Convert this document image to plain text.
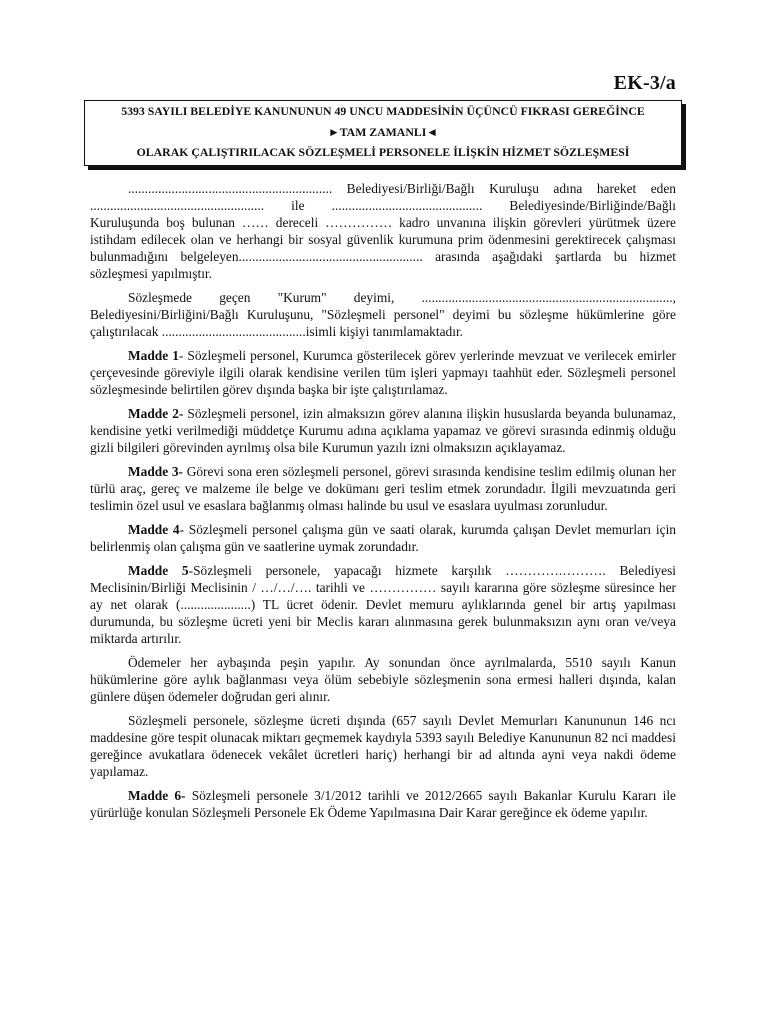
EK-3/a
5393 SAYILI BELEDİYE KANUNUNUN 49 UNCU MADDESİNİN ÜÇÜNCÜ FIKRASI GEREĞİNCE
►TAM ZAMANLI◄
OLARAK ÇALIŞTIRILACAK SÖZLEŞMELİ PERSONELE İLİŞKİN HİZMET SÖZLEŞMESİ

............................................................. Belediyesi/Birliği/Bağlı Kuruluşu adına hareket eden .................................................... ile ............................................. Belediyesinde/Birliğinde/Bağlı Kuruluşunda boş bulunan …… dereceli …………… kadro unvanına ilişkin görevleri yürütmek üzere istihdam edilecek olan ve herhangi bir sosyal güvenlik kurumuna prim ödenmesini gerektirecek çalışması bulunmadığını belgeleyen....................................................... arasında aşağıdaki şartlarda bu hizmet sözleşmesi yapılmıştır.

Sözleşmede geçen "Kurum" deyimi, ..........................................................................., Belediyesini/Birliğini/Bağlı Kuruluşunu, "Sözleşmeli personel" deyimi bu sözleşme hükümlerine göre çalıştırılacak ...........................................isimli kişiyi tanımlamaktadır.

Madde 1- Sözleşmeli personel, Kurumca gösterilecek görev yerlerinde mevzuat ve verilecek emirler çerçevesinde göreviyle ilgili olarak kendisine verilen tüm işleri yapmayı taahhüt eder. Sözleşmeli personel sözleşmesinde belirtilen görev dışında başka bir işte çalıştırılamaz.

Madde 2- Sözleşmeli personel, izin almaksızın görev alanına ilişkin hususlarda beyanda bulunamaz, kendisine yetki verilmediği müddetçe Kurumu adına açıklama yapamaz ve görevi sırasında edinmiş olduğu gizli bilgileri görevinden ayrılmış olsa bile Kurumun yazılı izni olmaksızın açıklayamaz.

Madde 3- Görevi sona eren sözleşmeli personel, görevi sırasında kendisine teslim edilmiş olunan her türlü araç, gereç ve malzeme ile belge ve dokümanı geri teslim etmek zorundadır. İlgili mevzuatında geri teslimin özel usul ve esaslara bağlanmış olması halinde bu usul ve esaslara uyulması zorunludur.

Madde 4- Sözleşmeli personel çalışma gün ve saati olarak, kurumda çalışan Devlet memurları için belirlenmiş olan çalışma gün ve saatlerine uymak zorundadır.

Madde 5-Sözleşmeli personele, yapacağı hizmete karşılık ………….………. Belediyesi Meclisinin/Birliği Meclisinin / …/…/…. tarihli ve …………… sayılı kararına göre sözleşme süresince her ay net olarak (.....................) TL ücret ödenir. Devlet memuru aylıklarında genel bir artış yapılması durumunda, bu sözleşme ücreti yeni bir Meclis kararı alınmasına gerek bulunmaksızın aynı oran ve/veya miktarda artırılır.

Ödemeler her aybaşında peşin yapılır. Ay sonundan önce ayrılmalarda, 5510 sayılı Kanun hükümlerine göre aylık bağlanması veya ölüm sebebiyle sözleşmenin sona ermesi halleri dışında, kalan günlere düşen ödemeler doğrudan geri alınır.

Sözleşmeli personele, sözleşme ücreti dışında (657 sayılı Devlet Memurları Kanununun 146 ncı maddesine göre tespit olunacak miktarı geçmemek kaydıyla 5393 sayılı Belediye Kanununun 82 nci maddesi gereğince avukatlara ödenecek vekâlet ücretleri hariç) herhangi bir ad altında ayni veya nakdi ödeme yapılamaz.

Madde 6- Sözleşmeli personele 3/1/2012 tarihli ve 2012/2665 sayılı Bakanlar Kurulu Kararı ile yürürlüğe konulan Sözleşmeli Personele Ek Ödeme Yapılmasına Dair Karar gereğince ek ödeme yapılır.
